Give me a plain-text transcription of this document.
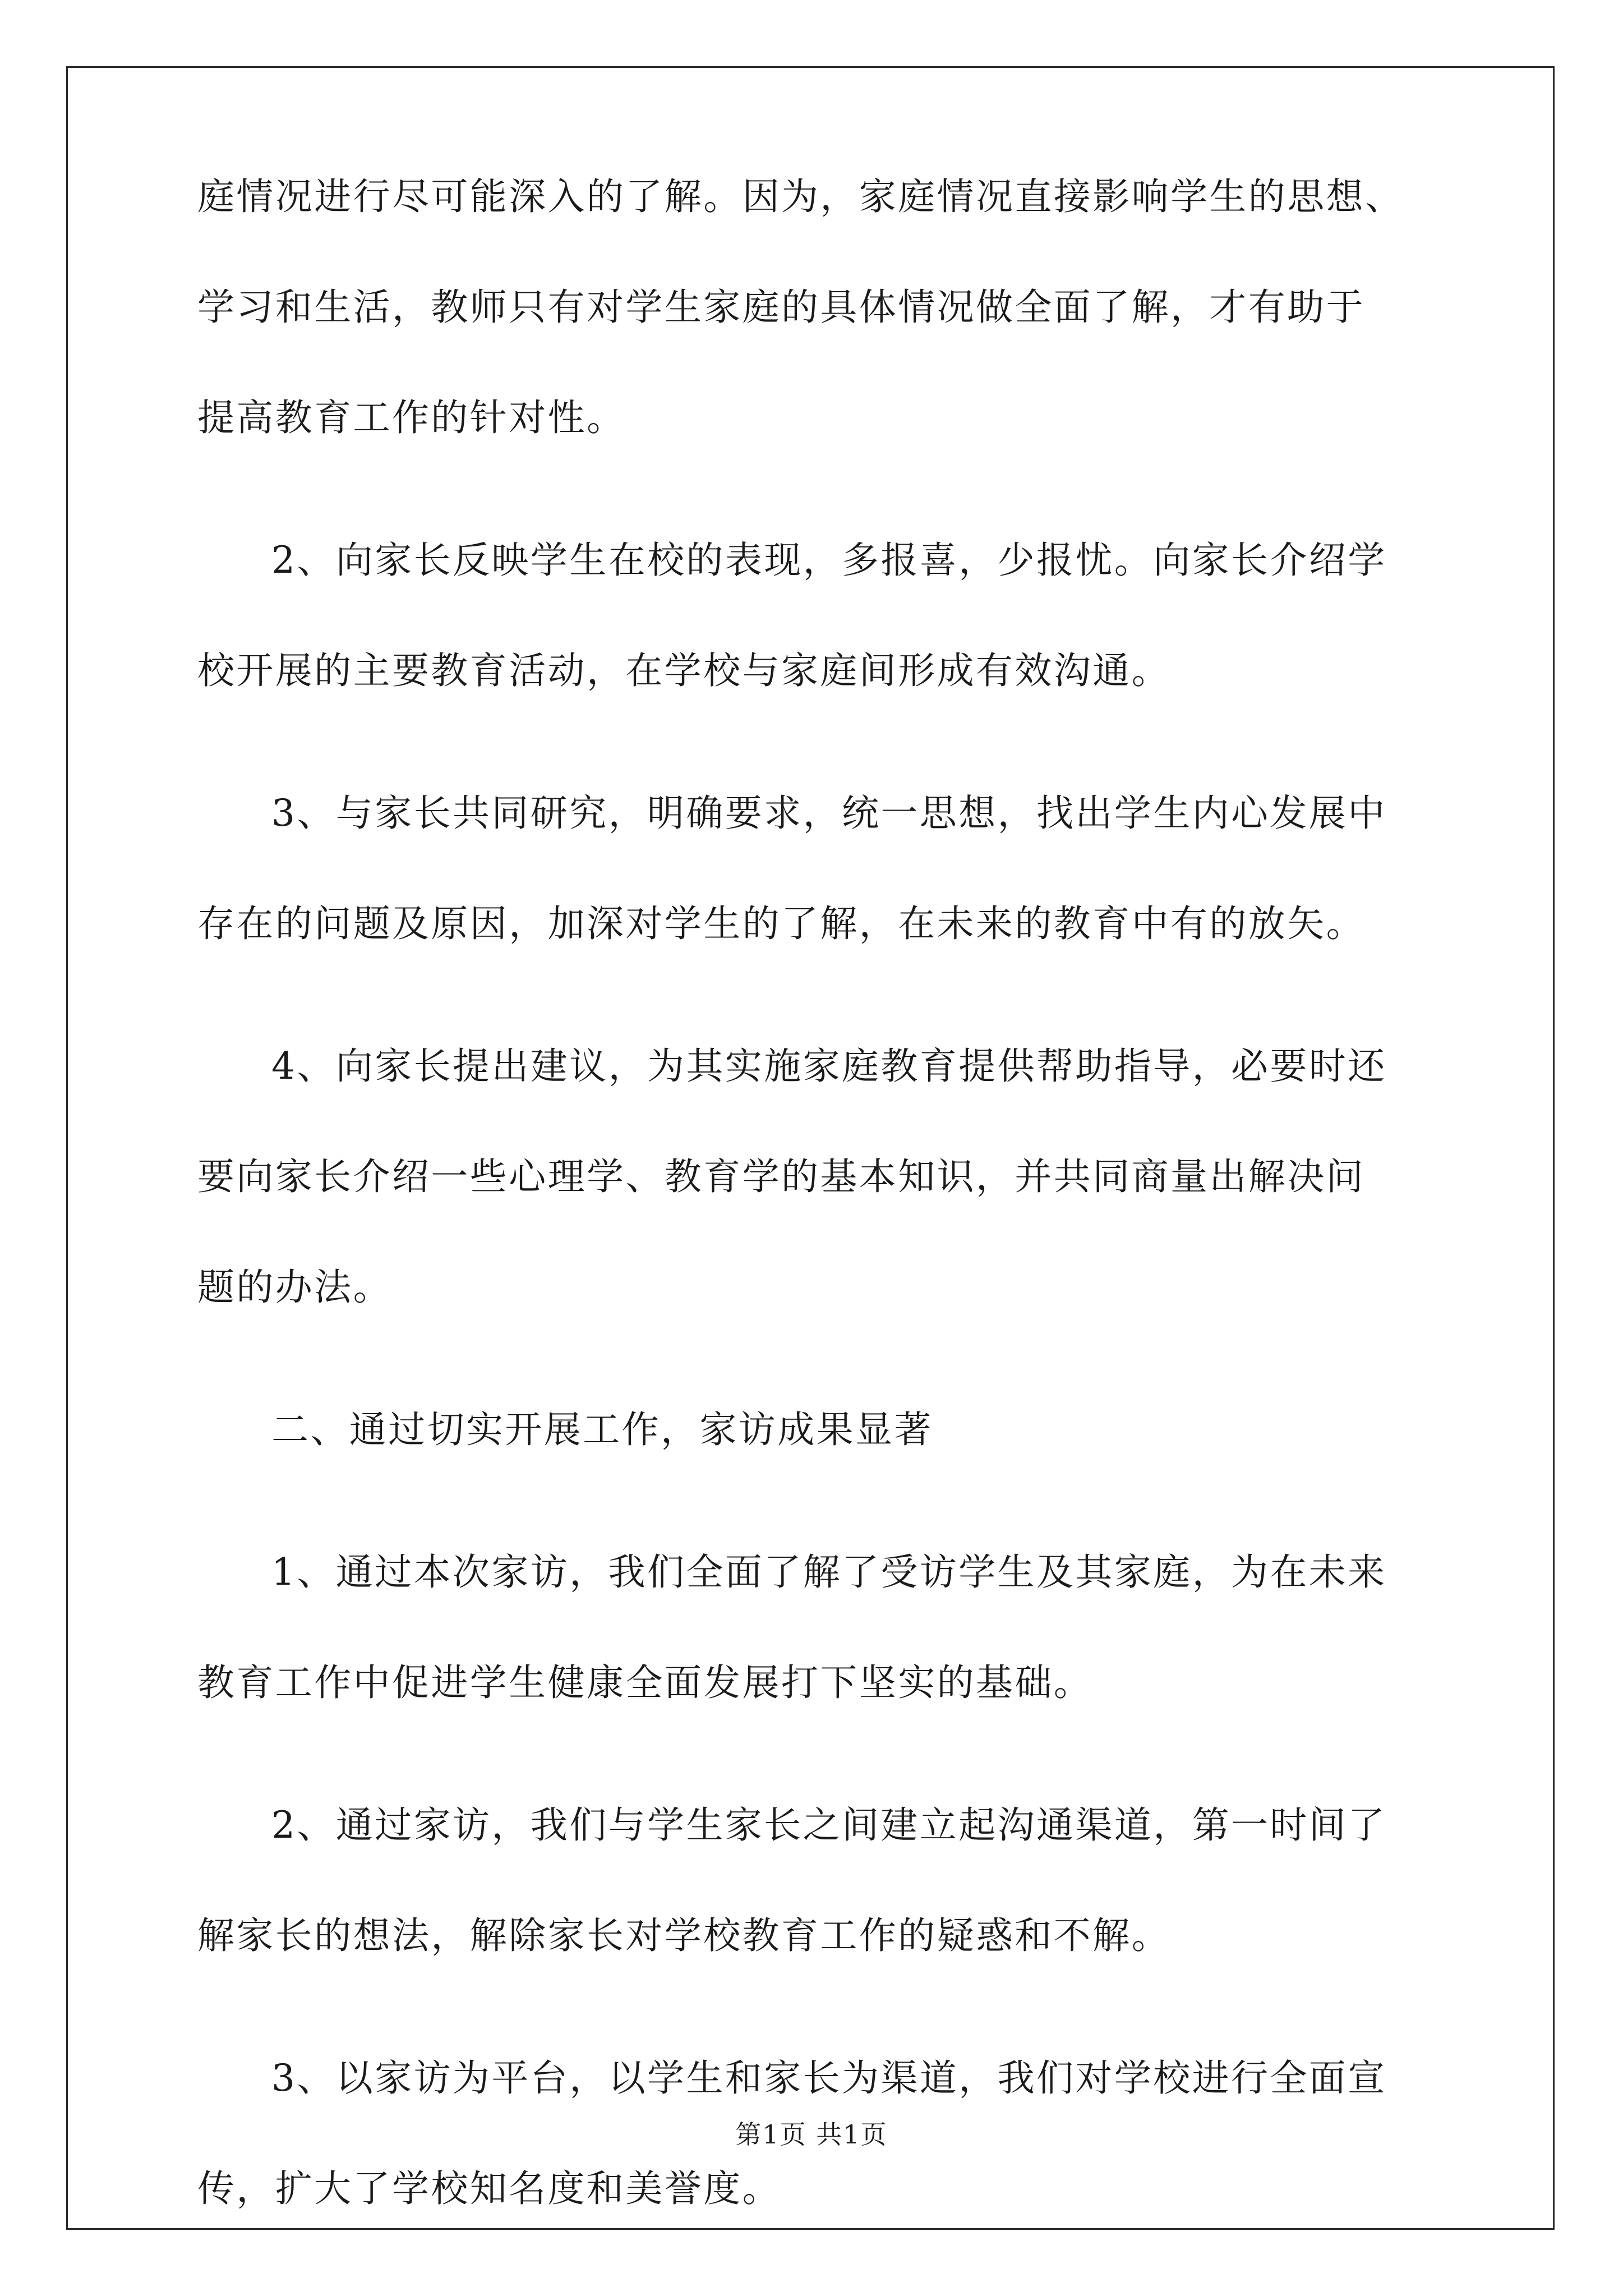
庭情况进行尽可能深入的了解。因为，家庭情况直接影响学生的思想、
学习和生活，教师只有对学生家庭的具体情况做全面了解，才有助于
提高教育工作的针对性。
2、向家长反映学生在校的表现，多报喜，少报忧。向家长介绍学
校开展的主要教育活动，在学校与家庭间形成有效沟通。
3、与家长共同研究，明确要求，统一思想，找出学生内心发展中
存在的问题及原因，加深对学生的了解，在未来的教育中有的放矢。
4、向家长提出建议，为其实施家庭教育提供帮助指导，必要时还
要向家长介绍一些心理学、教育学的基本知识，并共同商量出解决问
题的办法。
二、通过切实开展工作，家访成果显著
1、通过本次家访，我们全面了解了受访学生及其家庭，为在未来
教育工作中促进学生健康全面发展打下坚实的基础。
2、通过家访，我们与学生家长之间建立起沟通渠道，第一时间了
解家长的想法，解除家长对学校教育工作的疑惑和不解。
3、以家访为平台，以学生和家长为渠道，我们对学校进行全面宣
传，扩大了学校知名度和美誉度。
第1页 共1页
